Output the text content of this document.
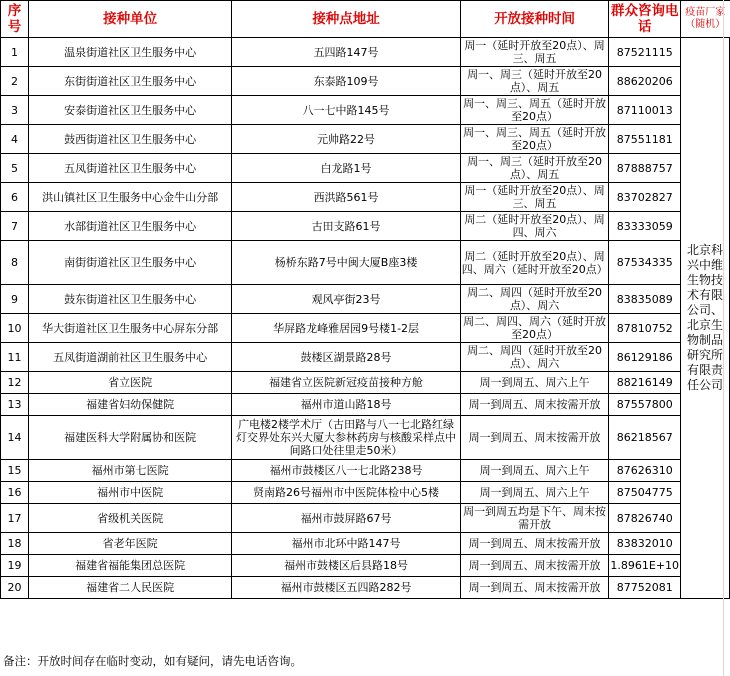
序号	接种单位	接种点地址	开放接种时间	群众咨询电话	疫苗厂家（随机）
1	温泉街道社区卫生服务中心	五四路147号	周一（延时开放至20点）、周三、周五	87521115	北京科兴中维生物技术有限公司、北京生物制品研究所有限责任公司
2	东街街道社区卫生服务中心	东泰路109号	周一、周三（延时开放至20点）、周五	88620206	
3	安泰街道社区卫生服务中心	八一七中路145号	周一、周三、周五（延时开放至20点）	87110013	
4	鼓西街道社区卫生服务中心	元帅路22号	周一、周三、周五（延时开放至20点）	87551181	
5	五凤街道社区卫生服务中心	白龙路1号	周一、周三（延时开放至20点）、周五	87888757	
6	洪山镇社区卫生服务中心金牛山分部	西洪路561号	周一（延时开放至20点）、周三、周五	83702827	
7	水部街道社区卫生服务中心	古田支路61号	周二（延时开放至20点）、周四、周六	83333059	
8	南街街道社区卫生服务中心	杨桥东路7号中闽大厦B座3楼	周二（延时开放至20点）、周四、周六（延时开放至20点）	87534335	
9	鼓东街道社区卫生服务中心	观风亭街23号	周二、周四（延时开放至20点）、周六	83835089	
10	华大街道社区卫生服务中心屏东分部	华屏路龙峰雅居园9号楼1-2层	周二、周四、周六（延时开放至20点）	87810752	
11	五凤街道湖前社区卫生服务中心	鼓楼区湖景路28号	周二、周四（延时开放至20点）、周六	86129186	
12	省立医院	福建省立医院新冠疫苗接种方舱	周一到周五、周六上午	88216149	
13	福建省妇幼保健院	福州市道山路18号	周一到周五、周末按需开放	87557800	
14	福建医科大学附属协和医院	广电楼2楼学术厅（古田路与八一七北路红绿灯交界处东兴大厦大参林药房与核酸采样点中间路口处往里走50米）	周一到周五、周末按需开放	86218567	
15	福州市第七医院	福州市鼓楼区八一七北路238号	周一到周五、周六上午	87626310	
16	福州市中医院	贤南路26号福州市中医院体检中心5楼	周一到周五、周六上午	87504775	
17	省级机关医院	福州市鼓屏路67号	周一到周五均是下午、周末按需开放	87826740	
18	省老年医院	福州市北环中路147号	周一到周五、周末按需开放	83832010	
19	福建省福能集团总医院	福州市鼓楼区后县路18号	周一到周五、周末按需开放	1.8961E+10	
20	福建省二人民医院	福州市鼓楼区五四路282号	周一到周五、周末按需开放	87752081	
备注：开放时间存在临时变动，如有疑问，请先电话咨询。
